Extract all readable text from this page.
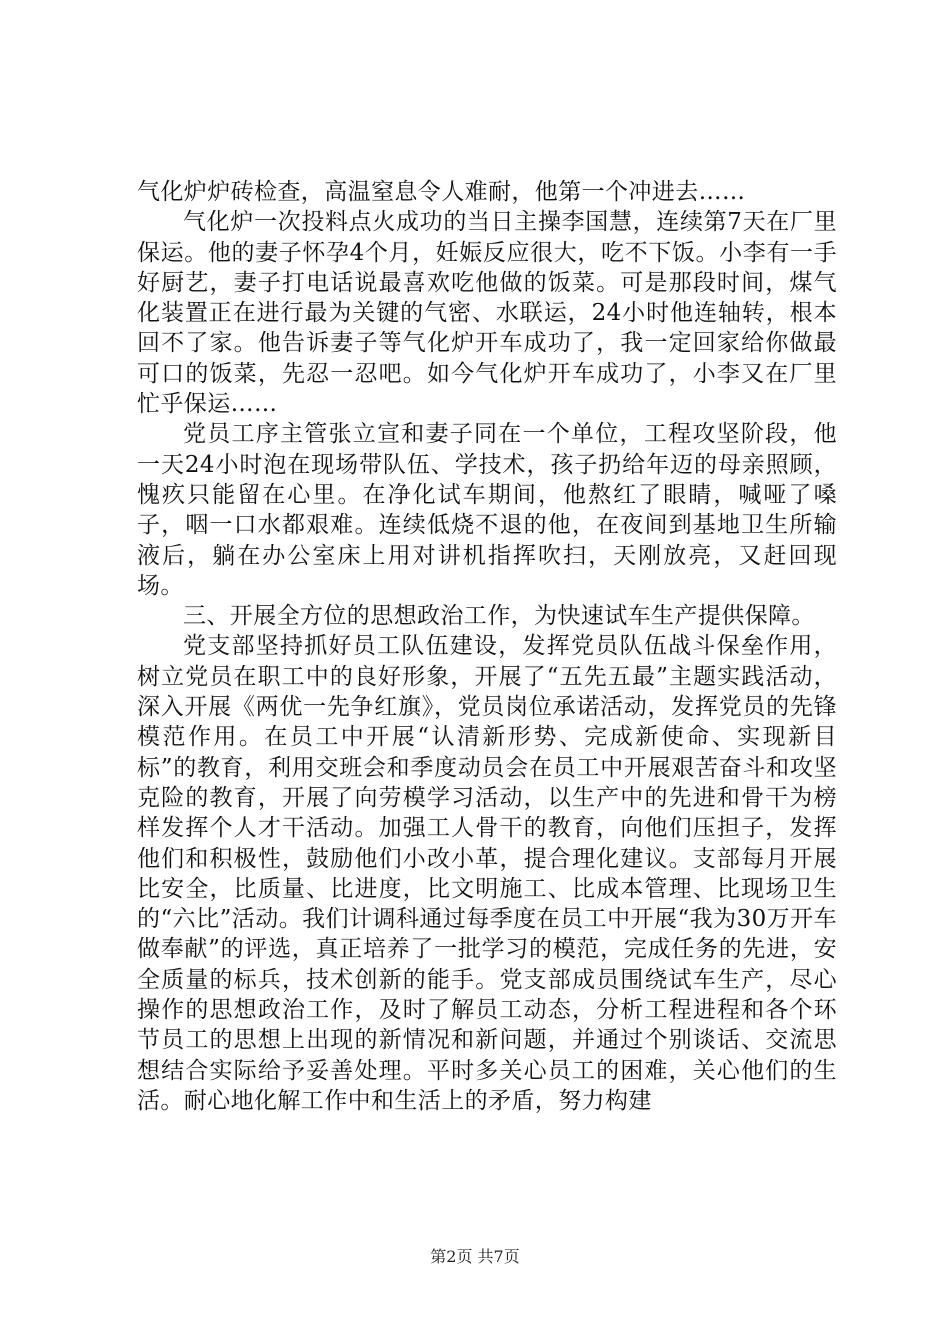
气化炉炉砖检查，高温窒息令人难耐，他第一个冲进去……

气化炉一次投料点火成功的当日主操李国慧，连续第7天在厂里保运。他的妻子怀孕4个月，妊娠反应很大，吃不下饭。小李有一手好厨艺，妻子打电话说最喜欢吃他做的饭菜。可是那段时间，煤气化装置正在进行最为关键的气密、水联运，24小时他连轴转，根本回不了家。他告诉妻子等气化炉开车成功了，我一定回家给你做最可口的饭菜，先忍一忍吧。如今气化炉开车成功了，小李又在厂里忙乎保运……

党员工序主管张立宣和妻子同在一个单位，工程攻坚阶段，他一天24小时泡在现场带队伍、学技术，孩子扔给年迈的母亲照顾，愧疚只能留在心里。在净化试车期间，他熬红了眼睛，喊哑了嗓子，咽一口水都艰难。连续低烧不退的他，在夜间到基地卫生所输液后，躺在办公室床上用对讲机指挥吹扫，天刚放亮，又赶回现场。

三、开展全方位的思想政治工作，为快速试车生产提供保障。

党支部坚持抓好员工队伍建设，发挥党员队伍战斗保垒作用，树立党员在职工中的良好形象，开展了“五先五最”主题实践活动，深入开展《两优一先争红旗》，党员岗位承诺活动，发挥党员的先锋模范作用。在员工中开展“认清新形势、完成新使命、实现新目标”的教育，利用交班会和季度动员会在员工中开展艰苦奋斗和攻坚克险的教育，开展了向劳模学习活动，以生产中的先进和骨干为榜样发挥个人才干活动。加强工人骨干的教育，向他们压担子，发挥他们和积极性，鼓励他们小改小革，提合理化建议。支部每月开展比安全，比质量、比进度，比文明施工、比成本管理、比现场卫生的“六比”活动。我们计调科通过每季度在员工中开展“我为30万开车做奉献”的评选，真正培养了一批学习的模范，完成任务的先进，安全质量的标兵，技术创新的能手。党支部成员围绕试车生产，尽心操作的思想政治工作，及时了解员工动态，分析工程进程和各个环节员工的思想上出现的新情况和新问题，并通过个别谈话、交流思想结合实际给予妥善处理。平时多关心员工的困难，关心他们的生活。耐心地化解工作中和生活上的矛盾，努力构建

第2页 共7页
